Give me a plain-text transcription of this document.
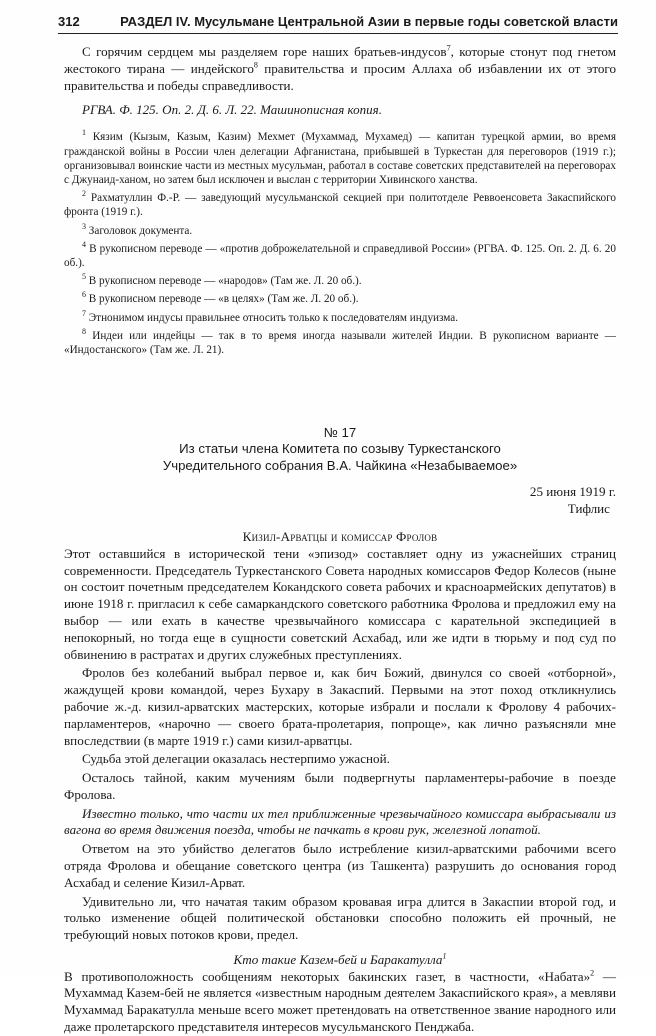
312	РАЗДЕЛ IV. Мусульмане Центральной Азии в первые годы советской власти

С горячим сердцем мы разделяем горе наших братьев-индусов$^7$, которые стонут под гнетом жестокого тирана — индейского$^8$ правительства и просим Аллаха об избавлении их от этого правительства и победы справедливости.

РГВА. Ф. 125. Оп. 2. Д. 6. Л. 22. Машинописная копия.

$^1$ Кязим (Кызым, Казым, Казим) Мехмет (Мухаммад, Мухамед) — капитан турецкой армии, во время гражданской войны в России член делегации Афганистана, прибывшей в Туркестан для переговоров (1919 г.); организовывал воинские части из местных мусульман, работал в составе советских представителей на переговорах с Джунаид-ханом, но затем был исключен и выслан с территории Хивинского ханства.

$^2$ Рахматуллин Ф.-Р. — заведующий мусульманской секцией при политотделе Реввоенсовета Закаспийского фронта (1919 г.).

$^3$ Заголовок документа.

$^4$ В рукописном переводе — «против доброжелательной и справедливой России» (РГВА. Ф. 125. Оп. 2. Д. 6. 20 об.).

$^5$ В рукописном переводе — «народов» (Там же. Л. 20 об.).

$^6$ В рукописном переводе — «в целях» (Там же. Л. 20 об.).

$^7$ Этнонимом индусы правильнее относить только к последователям индуизма.

$^8$ Индеи или индейцы — так в то время иногда называли жителей Индии. В рукописном варианте — «Индостанского» (Там же. Л. 21).

№ 17

Из статьи члена Комитета по созыву Туркестанского

Учредительного собрания В.А. Чайкина «Незабываемое»

25 июня 1919 г.

Тифлис

Кизил-Арватцы и комиссар Фролов

Этот оставшийся в исторической тени «эпизод» составляет одну из ужаснейших страниц современности. Председатель Туркестанского Совета народных комиссаров Федор Колесов (ныне он состоит почетным председателем Кокандского совета рабочих и красноармейских депутатов) в июне 1918 г. пригласил к себе самаркандского советского работника Фролова и предложил ему на выбор — или ехать в качестве чрезвычайного комиссара с карательной экспедицией в непокорный, но тогда еще в сущности советский Асхабад, или же идти в тюрьму и под суд по обвинению в растратах и других служебных преступлениях.

Фролов без колебаний выбрал первое и, как бич Божий, двинулся со своей «отборной», жаждущей крови командой, через Бухару в Закаспий. Первыми на этот поход откликнулись рабочие ж.-д. кизил-арватских мастерских, которые избрали и послали к Фролову 4 рабочих-парламентеров, «нарочно — своего брата-пролетария, попроще», как лично разъясняли мне впоследствии (в марте 1919 г.) сами кизил-арватцы.

Судьба этой делегации оказалась нестерпимо ужасной.

Осталось тайной, каким мучениям были подвергнуты парламентеры-рабочие в поезде Фролова.

Известно только, что части их тел приближенные чрезвычайного комиссара выбрасывали из вагона во время движения поезда, чтобы не пачкать в крови рук, железной лопатой.

Ответом на это убийство делегатов было истребление кизил-арватскими рабочими всего отряда Фролова и обещание советского центра (из Ташкента) разрушить до основания город Асхабад и селение Кизил-Арват.

Удивительно ли, что начатая таким образом кровавая игра длится в Закаспии второй год, и только изменение общей политической обстановки способно положить ей прочный, не требующий новых потоков крови, предел.

Кто такие Казем-бей и Баракатулла$^1$

В противоположность сообщениям некоторых бакинских газет, в частности, «Набата»$^2$ — Мухаммад Казем-бей не является «известным народным деятелем Закаспийского края», а мевляви Мухаммад Баракатулла меньше всего может претендовать на ответственное звание народного или даже пролетарского представителя интересов мусульманского Пенджаба.
